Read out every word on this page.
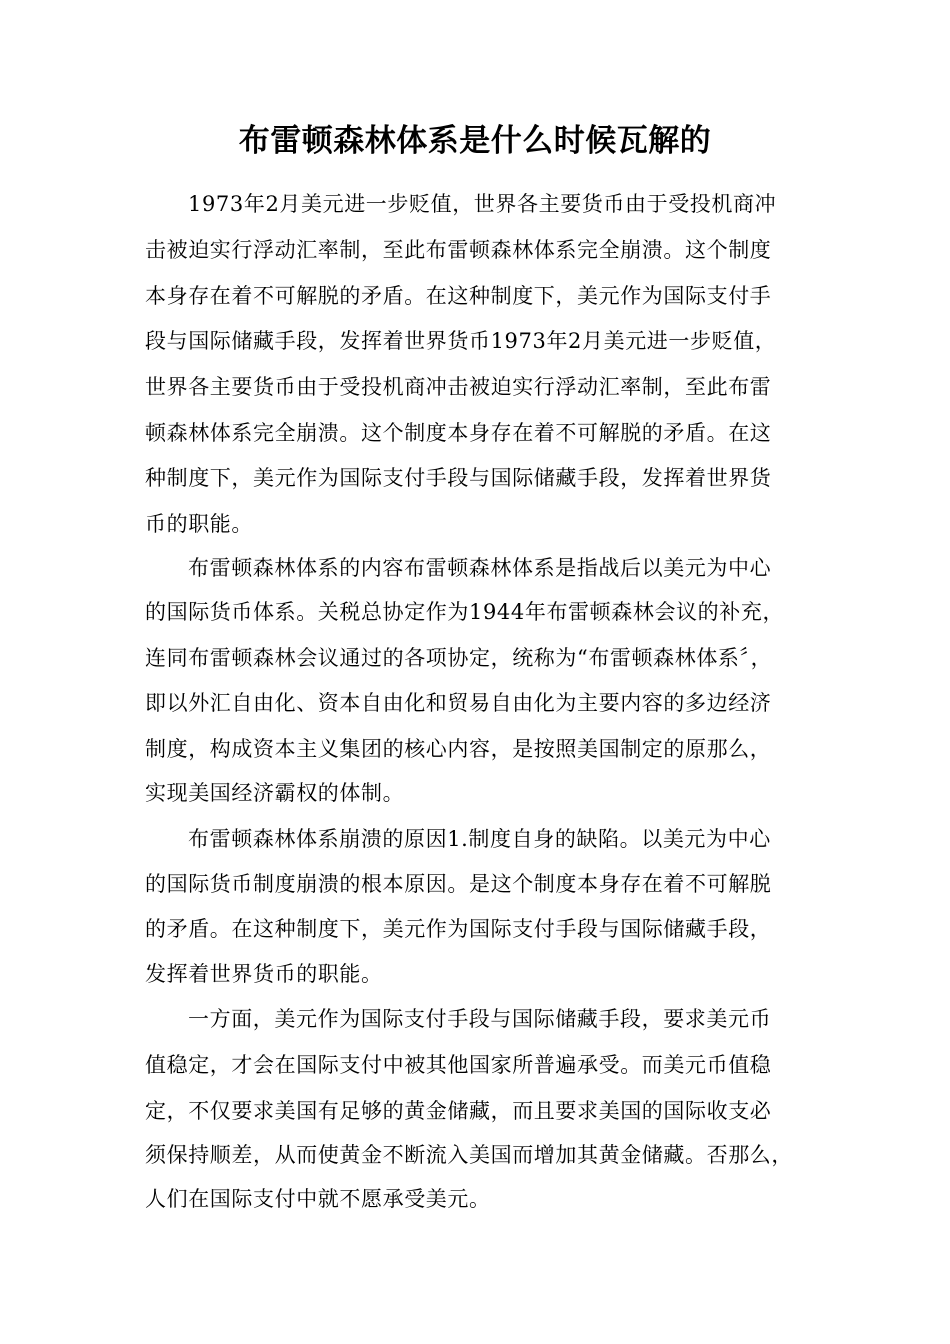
布雷顿森林体系是什么时候瓦解的
1973年2月美元进一步贬值，世界各主要货币由于受投机商冲
击被迫实行浮动汇率制，至此布雷顿森林体系完全崩溃。这个制度
本身存在着不可解脱的矛盾。在这种制度下，美元作为国际支付手
段与国际储藏手段，发挥着世界货币1973年2月美元进一步贬值，
世界各主要货币由于受投机商冲击被迫实行浮动汇率制，至此布雷
顿森林体系完全崩溃。这个制度本身存在着不可解脱的矛盾。在这
种制度下，美元作为国际支付手段与国际储藏手段，发挥着世界货
币的职能。
布雷顿森林体系的内容布雷顿森林体系是指战后以美元为中心
的国际货币体系。关税总协定作为1944年布雷顿森林会议的补充，
连同布雷顿森林会议通过的各项协定，统称为“布雷顿森林体系〞，
即以外汇自由化、资本自由化和贸易自由化为主要内容的多边经济
制度，构成资本主义集团的核心内容，是按照美国制定的原那么，
实现美国经济霸权的体制。
布雷顿森林体系崩溃的原因1.制度自身的缺陷。以美元为中心
的国际货币制度崩溃的根本原因。是这个制度本身存在着不可解脱
的矛盾。在这种制度下，美元作为国际支付手段与国际储藏手段，
发挥着世界货币的职能。
一方面，美元作为国际支付手段与国际储藏手段，要求美元币
值稳定，才会在国际支付中被其他国家所普遍承受。而美元币值稳
定，不仅要求美国有足够的黄金储藏，而且要求美国的国际收支必
须保持顺差，从而使黄金不断流入美国而增加其黄金储藏。否那么，
人们在国际支付中就不愿承受美元。
